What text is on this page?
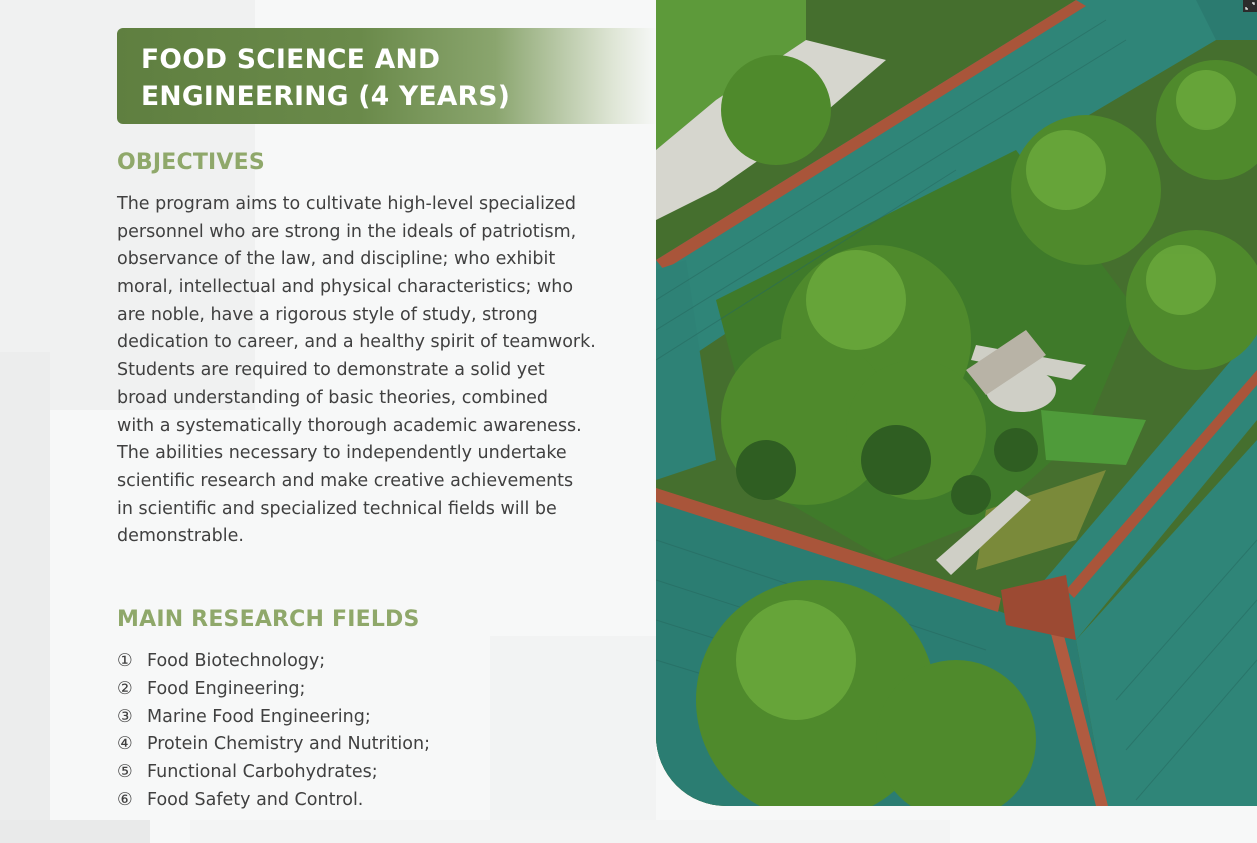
FOOD SCIENCE AND
ENGINEERING (4 YEARS)
OBJECTIVES
The program aims to cultivate high-level specialized
personnel who are strong in the ideals of patriotism,
observance of the law, and discipline; who exhibit
moral, intellectual and physical characteristics; who
are noble, have a rigorous style of study, strong
dedication to career, and a healthy spirit of teamwork.
Students are required to demonstrate a solid yet
broad understanding of basic theories, combined
with a systematically thorough academic awareness.
The abilities necessary to independently undertake
scientific research and make creative achievements
in scientific and specialized technical fields will be
demonstrable.
MAIN RESEARCH FIELDS
① Food Biotechnology;
② Food Engineering;
③ Marine Food Engineering;
④ Protein Chemistry and Nutrition;
⑤ Functional Carbohydrates;
⑥ Food Safety and Control.
